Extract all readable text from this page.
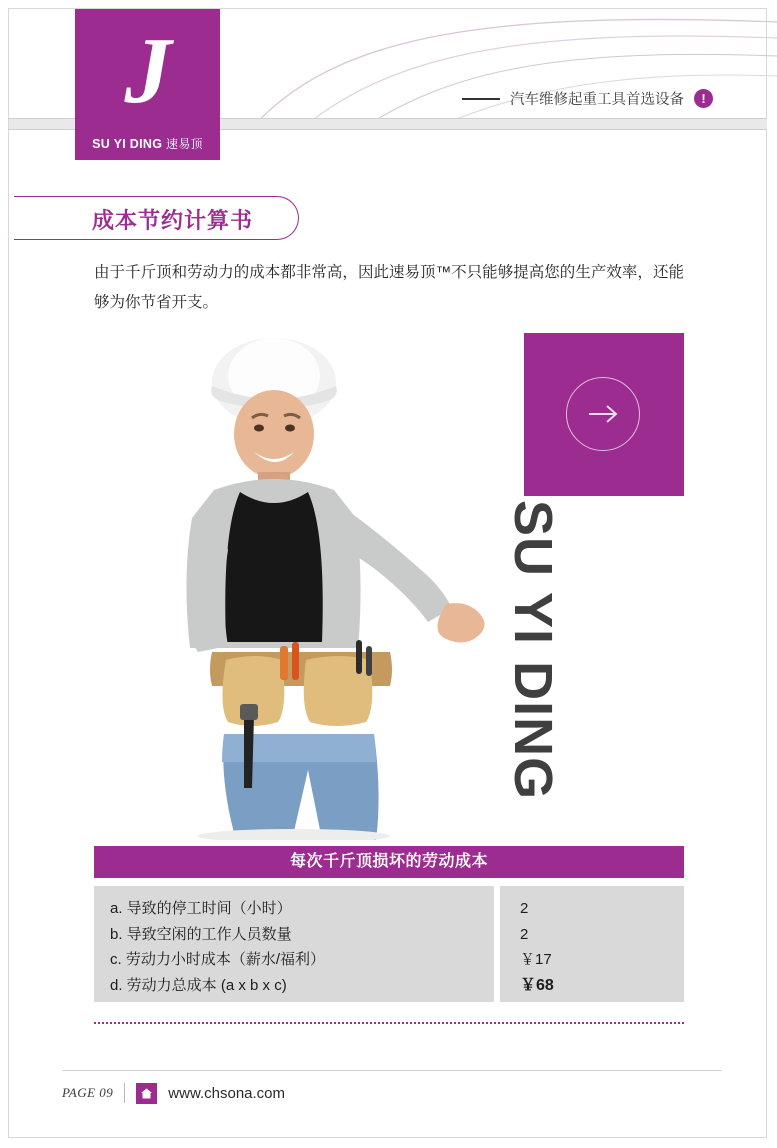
J
SU YI DING 速易顶
汽车维修起重工具首选设备	!
成本节约计算书
由于千斤顶和劳动力的成本都非常高，因此速易顶™不只能够提高您的生产效率，还能够为你节省开支。
SU YI DING
每次千斤顶损坏的劳动成本
a. 导致的停工时间（小时）
b. 导致空闲的工作人员数量
c. 劳动力小时成本（薪水/福利）
d. 劳动力总成本 (a x b x c)
2
2
￥17
￥68
PAGE 09	www.chsona.com
